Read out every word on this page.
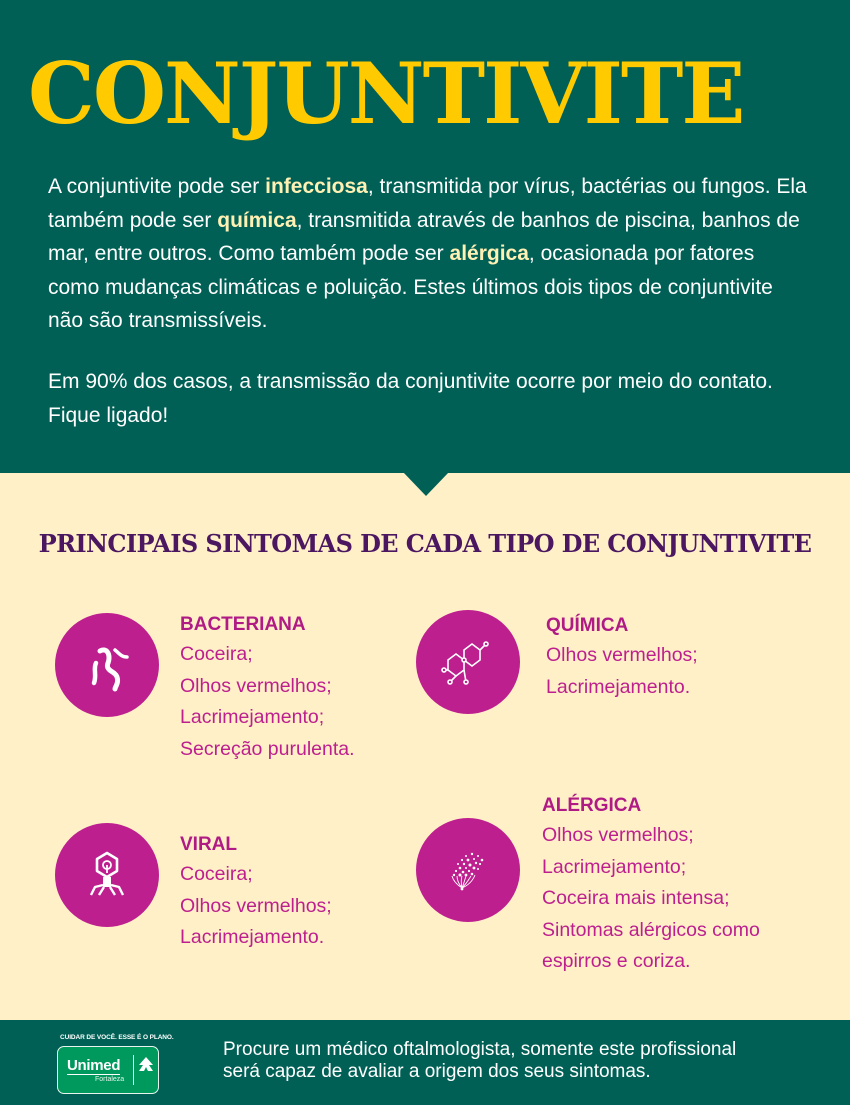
CONJUNTIVITE

A conjuntivite pode ser infecciosa, transmitida por vírus, bactérias ou fungos. Ela também pode ser química, transmitida através de banhos de piscina, banhos de mar, entre outros. Como também pode ser alérgica, ocasionada por fatores como mudanças climáticas e poluição. Estes últimos dois tipos de conjuntivite não são transmissíveis.

Em 90% dos casos, a transmissão da conjuntivite ocorre por meio do contato. Fique ligado!

PRINCIPAIS SINTOMAS DE CADA TIPO DE CONJUNTIVITE
BACTERIANA
Coceira;
Olhos vermelhos;
Lacrimejamento;
Secreção purulenta.
QUÍMICA
Olhos vermelhos;
Lacrimejamento.
VIRAL
Coceira;
Olhos vermelhos;
Lacrimejamento.
ALÉRGICA
Olhos vermelhos;
Lacrimejamento;
Coceira mais intensa;
Sintomas alérgicos como
espirros e coriza.
CUIDAR DE VOCÊ. ESSE É O PLANO.
Unimed
Fortaleza
Procure um médico oftalmologista, somente este profissional
será capaz de avaliar a origem dos seus sintomas.
